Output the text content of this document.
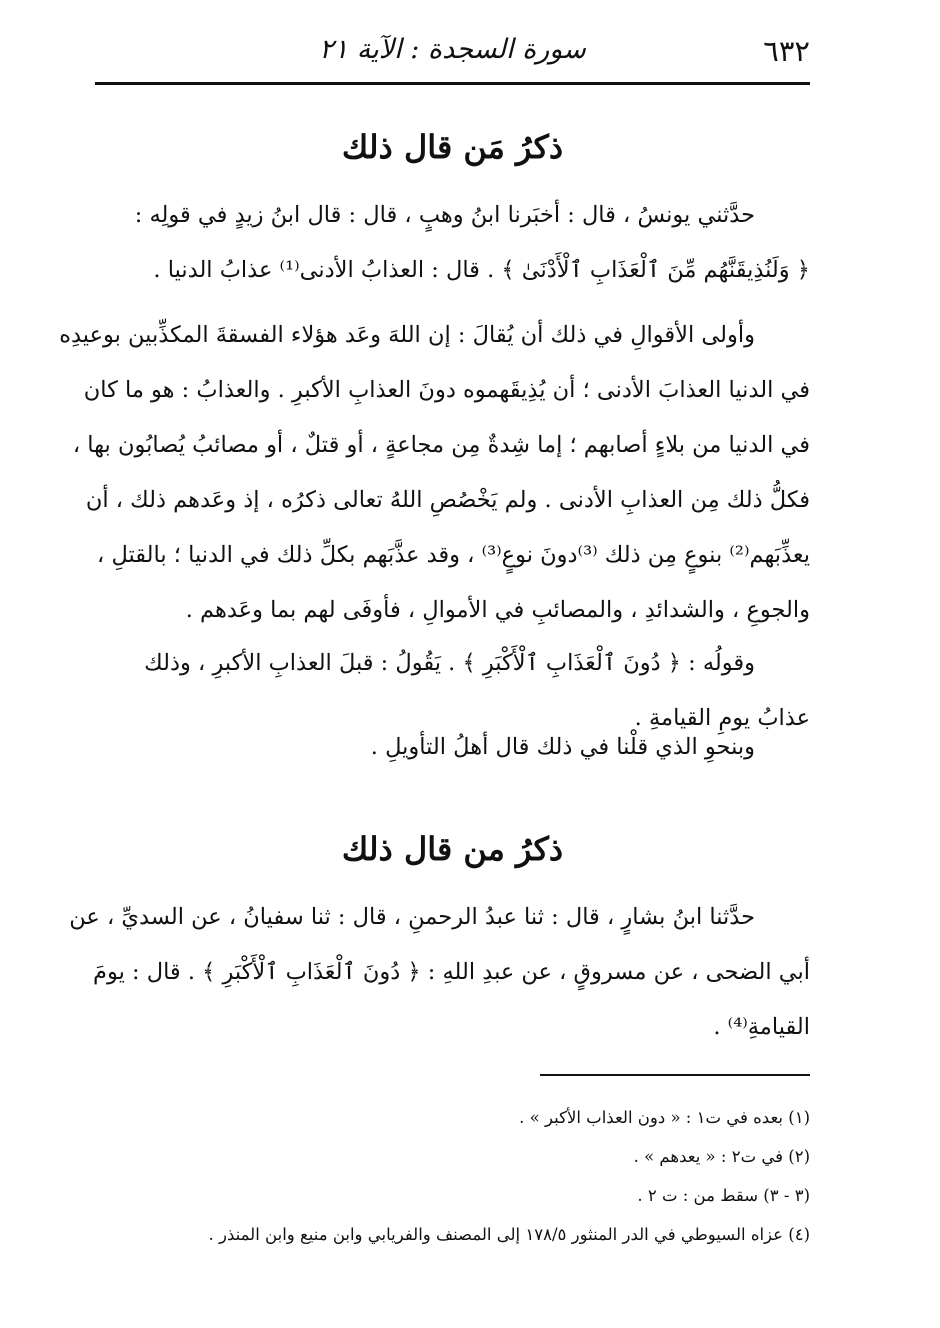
٦٣٢
سورة السجدة : الآية ٢١
ذكرُ مَن قال ذلك

حدَّثني يونسُ ، قال : أخبَرنا ابنُ وهبٍ ، قال : قال ابنُ زيدٍ في قولِه :
﴿ وَلَنُذِيقَنَّهُم مِّنَ ٱلْعَذَابِ ٱلْأَدْنَىٰ ﴾ . قال : العذابُ الأدنى⁽¹⁾ عذابُ الدنيا .

وأولى الأقوالِ في ذلك أن يُقالَ : إن اللهَ وعَد هؤلاء الفسقةَ المكذِّبين بوعيدِه
في الدنيا العذابَ الأدنى ؛ أن يُذِيقَهموه دونَ العذابِ الأكبرِ . والعذابُ : هو ما كان
في الدنيا من بلاءٍ أصابهم ؛ إما شِدةٌ مِن مجاعةٍ ، أو قتلٌ ، أو مصائبُ يُصابُون بها ،
فكلُّ ذلك مِن العذابِ الأدنى . ولم يَخْصُصِ اللهُ تعالى ذكرُه ، إذ وعَدهم ذلك ، أن
يعذِّبَهم⁽²⁾ بنوعٍ مِن ذلك ⁽³⁾دونَ نوعٍ⁽³⁾ ، وقد عذَّبَهم بكلِّ ذلك في الدنيا ؛ بالقتلِ ،
والجوعِ ، والشدائدِ ، والمصائبِ في الأموالِ ، فأوفَى لهم بما وعَدهم .

وقولُه : ﴿ دُونَ ٱلْعَذَابِ ٱلْأَكْبَرِ ﴾ . يَقُولُ : قبلَ العذابِ الأكبرِ ، وذلك
عذابُ يومِ القيامةِ .

وبنحوِ الذي قلْنا في ذلك قال أهلُ التأويلِ .

ذكرُ من قال ذلك

حدَّثنا ابنُ بشارٍ ، قال : ثنا عبدُ الرحمنِ ، قال : ثنا سفيانُ ، عن السديِّ ، عن
أبي الضحى ، عن مسروقٍ ، عن عبدِ اللهِ : ﴿ دُونَ ٱلْعَذَابِ ٱلْأَكْبَرِ ﴾ . قال : يومَ
القيامةِ⁽⁴⁾ .

(١) بعده في ت١ : « دون العذاب الأكبر » .
(٢) في ت٢ : « يعدهم » .
(٣ - ٣) سقط من : ت ٢ .
(٤) عزاه السيوطي في الدر المنثور ١٧٨/٥ إلى المصنف والفريابي وابن منيع وابن المنذر .
